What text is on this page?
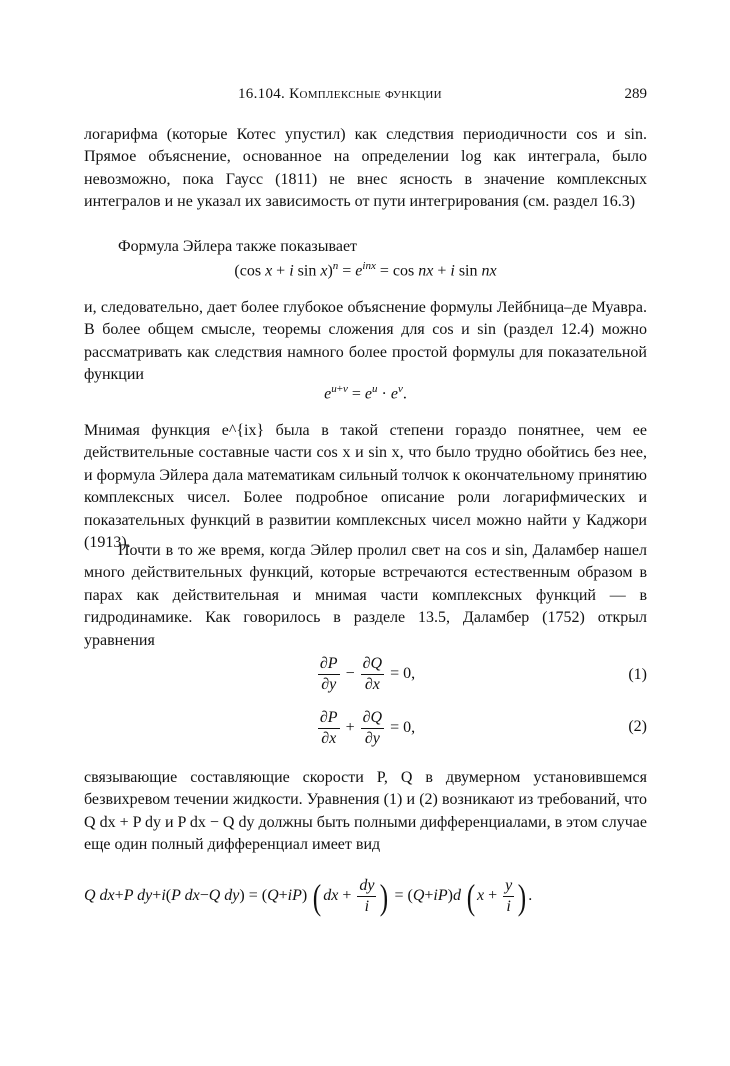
16.104. Комплексные функции	289

логарифма (которые Котес упустил) как следствия периодичности cos и sin. Прямое объяснение, основанное на определении log как интеграла, было невозможно, пока Гаусс (1811) не внес ясность в значение комплексных интегралов и не указал их зависимость от пути интегрирования (см. раздел 16.3)

Формула Эйлера также показывает

(cos x + i $\sin x)^n = e^{inx} = \cos$ nx + i sin nx

и, следовательно, дает более глубокое объяснение формулы Лейбница–де Муавра. В более общем смысле, теоремы сложения для cos и sin (раздел 12.4) можно рассматривать как следствия намного более простой формулы для показательной функции

$e^{u+v} = e^u \cdot e^v$.

Мнимая функция e^{ix} была в такой степени гораздо понятнее, чем ее действительные составные части cos x и sin x, что было трудно обойтись без нее, и формула Эйлера дала математикам сильный толчок к окончательному принятию комплексных чисел. Более подробное описание роли логарифмических и показательных функций в развитии комплексных чисел можно найти у Каджори (1913).

Почти в то же время, когда Эйлер пролил свет на cos и sin, Даламбер нашел много действительных функций, которые встречаются естественным образом в парах как действительная и мнимая части комплексных функций — в гидродинамике. Как говорилось в разделе 13.5, Даламбер (1752) открыл уравнения

$\frac{\partial P}{\partial y} - \frac{\partial Q}{\partial x} = 0$,	(1)
$\frac{\partial P}{\partial x} + \frac{\partial Q}{\partial y} = 0$,	(2)

связывающие составляющие скорости P, Q в двумерном установившемся безвихревом течении жидкости. Уравнения (1) и (2) возникают из требований, что Q dx + P dy и P dx − Q dy должны быть полными дифференциалами, в этом случае еще один полный дифференциал имеет вид

Q dx+P dy+i(P dx−Q dy) = (Q+iP) ( dx + $\frac{dy}{i}$ ) = (Q+iP)d ( $x + \frac{y}{i}$ ) .
